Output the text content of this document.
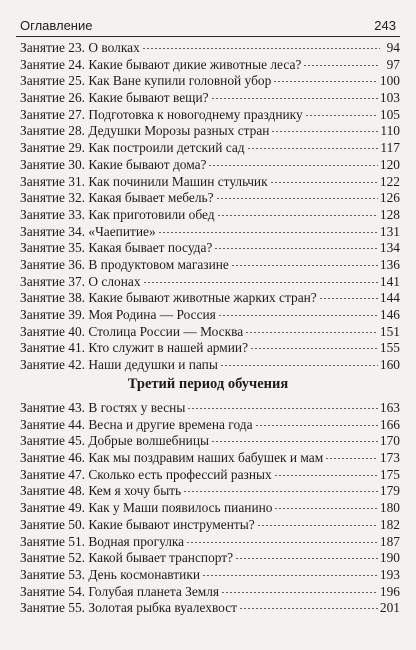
Оглавление	243
Занятие 23. О волках	94
Занятие 24. Какие бывают дикие животные леса?	97
Занятие 25. Как Ване купили головной убор	100
Занятие 26. Какие бывают вещи?	103
Занятие 27. Подготовка к новогоднему празднику	105
Занятие 28. Дедушки Морозы разных стран	110
Занятие 29. Как построили детский сад	117
Занятие 30. Какие бывают дома?	120
Занятие 31. Как починили Машин стульчик	122
Занятие 32. Какая бывает мебель?	126
Занятие 33. Как приготовили обед	128
Занятие 34. «Чаепитие»	131
Занятие 35. Какая бывает посуда?	134
Занятие 36. В продуктовом магазине	136
Занятие 37. О слонах	141
Занятие 38. Какие бывают животные жарких стран?	144
Занятие 39. Моя Родина — Россия	146
Занятие 40. Столица России — Москва	151
Занятие 41. Кто служит в нашей армии?	155
Занятие 42. Наши дедушки и папы	160
Третий период обучения
Занятие 43. В гостях у весны	163
Занятие 44. Весна и другие времена года	166
Занятие 45. Добрые волшебницы	170
Занятие 46. Как мы поздравим наших бабушек и мам	173
Занятие 47. Сколько есть профессий разных	175
Занятие 48. Кем я хочу быть	179
Занятие 49. Как у Маши появилось пианино	180
Занятие 50. Какие бывают инструменты?	182
Занятие 51. Водная прогулка	187
Занятие 52. Какой бывает транспорт?	190
Занятие 53. День космонавтики	193
Занятие 54. Голубая планета Земля	196
Занятие 55. Золотая рыбка вуалехвост	201
